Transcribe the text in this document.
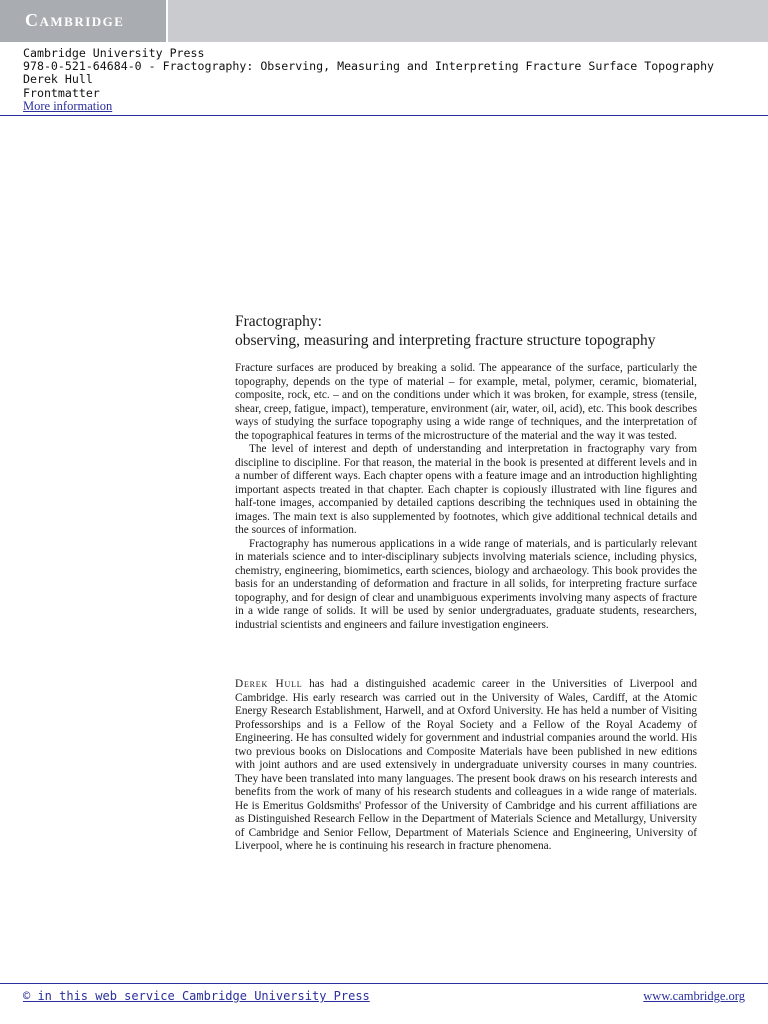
Cambridge
Cambridge University Press
978-0-521-64684-0 - Fractography: Observing, Measuring and Interpreting Fracture Surface Topography
Derek Hull
Frontmatter
More information
Fractography:
observing, measuring and interpreting fracture structure topography

Fracture surfaces are produced by breaking a solid. The appearance of the surface, particularly the topography, depends on the type of material – for example, metal, polymer, ceramic, biomaterial, composite, rock, etc. – and on the conditions under which it was broken, for example, stress (tensile, shear, creep, fatigue, impact), temperature, environment (air, water, oil, acid), etc. This book describes ways of studying the surface topography using a wide range of techniques, and the interpretation of the topographical features in terms of the microstructure of the material and the way it was tested.

The level of interest and depth of understanding and interpretation in fractography vary from discipline to discipline. For that reason, the material in the book is presented at different levels and in a number of different ways. Each chapter opens with a feature image and an introduction highlighting important aspects treated in that chapter. Each chapter is copiously illustrated with line figures and half-tone images, accompanied by detailed captions describing the techniques used in obtaining the images. The main text is also supplemented by footnotes, which give additional technical details and the sources of information.

Fractography has numerous applications in a wide range of materials, and is particularly relevant in materials science and to inter-disciplinary subjects involving materials science, including physics, chemistry, engineering, biomimetics, earth sciences, biology and archaeology. This book provides the basis for an understanding of deformation and fracture in all solids, for interpreting fracture surface topography, and for design of clear and unambiguous experiments involving many aspects of fracture in a wide range of solids. It will be used by senior undergraduates, graduate students, researchers, industrial scientists and engineers and failure investigation engineers.

Derek Hull has had a distinguished academic career in the Universities of Liverpool and Cambridge. His early research was carried out in the University of Wales, Cardiff, at the Atomic Energy Research Establishment, Harwell, and at Oxford University. He has held a number of Visiting Professorships and is a Fellow of the Royal Society and a Fellow of the Royal Academy of Engineering. He has consulted widely for government and industrial companies around the world. His two previous books on Dislocations and Composite Materials have been published in new editions with joint authors and are used extensively in undergraduate university courses in many countries. They have been translated into many languages. The present book draws on his research interests and benefits from the work of many of his research students and colleagues in a wide range of materials. He is Emeritus Goldsmiths' Professor of the University of Cambridge and his current affiliations are as Distinguished Research Fellow in the Department of Materials Science and Metallurgy, University of Cambridge and Senior Fellow, Department of Materials Science and Engineering, University of Liverpool, where he is continuing his research in fracture phenomena.
© in this web service Cambridge University Press	www.cambridge.org
